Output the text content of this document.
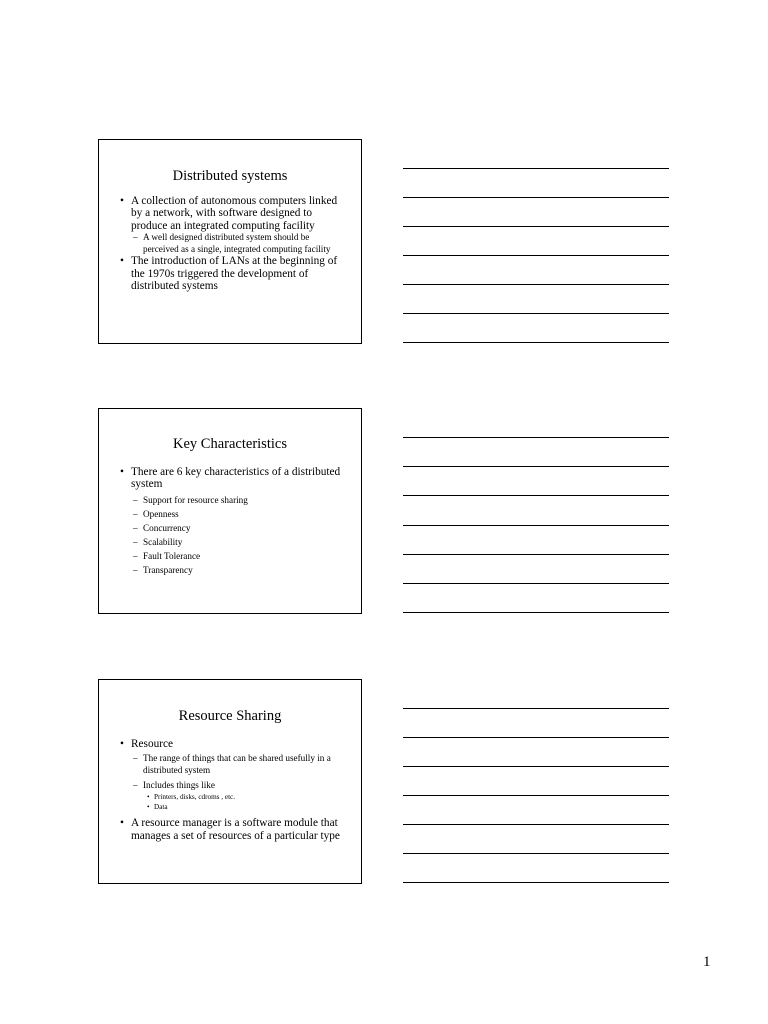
Distributed systems
• A collection of autonomous computers linked by a network, with software designed to produce an integrated computing facility
– A well designed distributed system should be perceived as a single, integrated computing facility
• The introduction of LANs at the beginning of the 1970s triggered the development of distributed systems
Key Characteristics
• There are 6 key characteristics of a distributed system
– Support for resource sharing
– Openness
– Concurrency
– Scalability
– Fault Tolerance
– Transparency
Resource Sharing
• Resource
– The range of things that can be shared usefully in a distributed system
– Includes things like
• Printers, disks, cdroms , etc.
• Data
• A resource manager is a software module that manages a set of resources of a particular type
1
